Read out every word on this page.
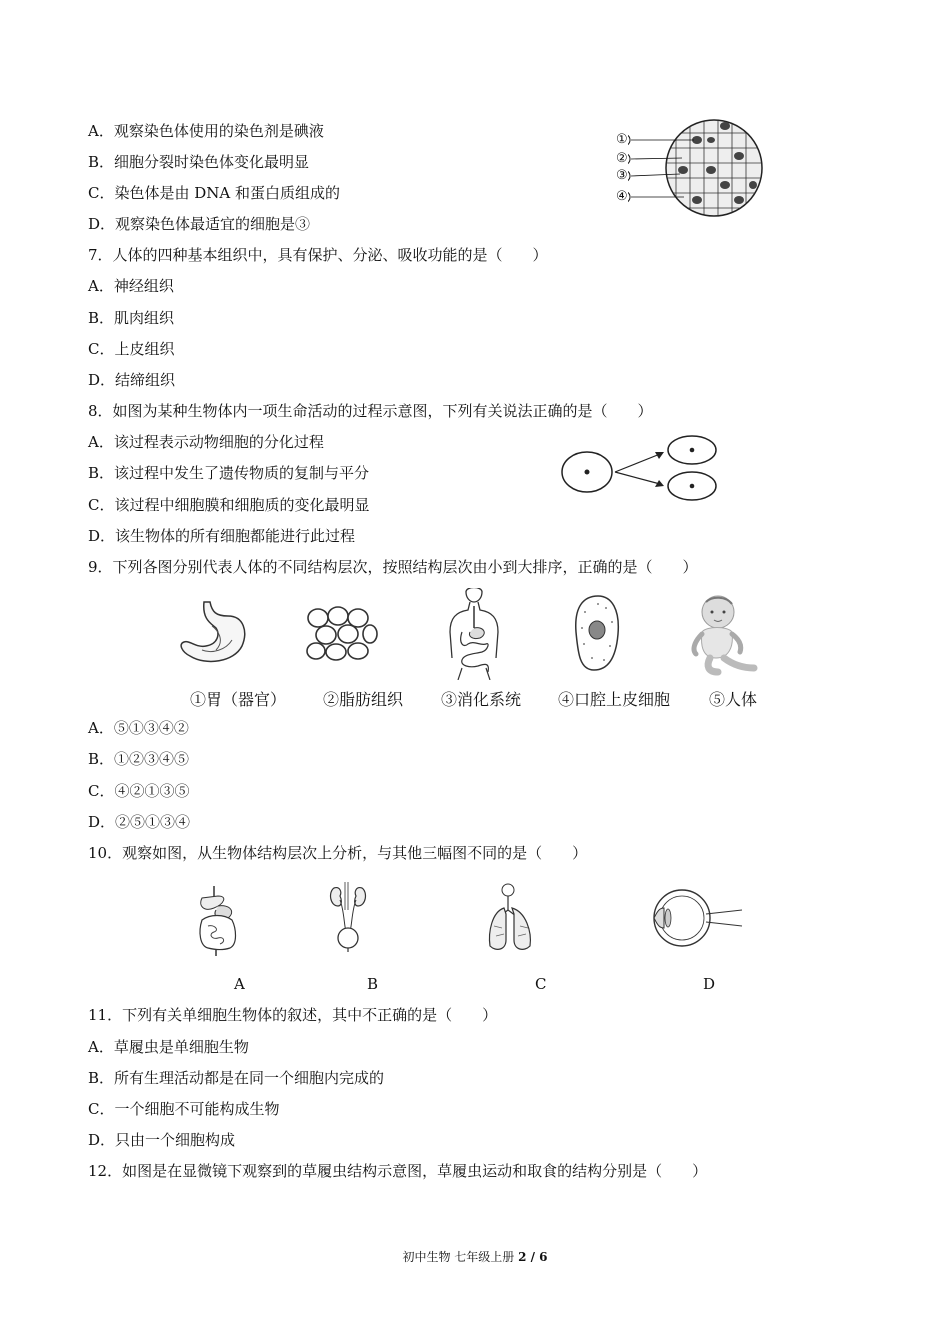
A．观察染色体使用的染色剂是碘液
B．细胞分裂时染色体变化最明显
C．染色体是由 DNA 和蛋白质组成的
D．观察染色体最适宜的细胞是③
①
②
③
④
7．人体的四种基本组织中，具有保护、分泌、吸收功能的是（　　）
A．神经组织
B．肌肉组织
C．上皮组织
D．结缔组织
8．如图为某种生物体内一项生命活动的过程示意图，下列有关说法正确的是（　　）
A．该过程表示动物细胞的分化过程
B．该过程中发生了遗传物质的复制与平分
C．该过程中细胞膜和细胞质的变化最明显
D．该生物体的所有细胞都能进行此过程
9．下列各图分别代表人体的不同结构层次，按照结构层次由小到大排序，正确的是（　　）
①胃（器官） ②脂肪组织 ③消化系统 ④口腔上皮细胞 ⑤人体
A．⑤①③④②
B．①②③④⑤
C．④②①③⑤
D．②⑤①③④
10．观察如图，从生物体结构层次上分析，与其他三幅图不同的是（　　）
A	B	C	D
11．下列有关单细胞生物体的叙述，其中不正确的是（　　）
A．草履虫是单细胞生物
B．所有生理活动都是在同一个细胞内完成的
C．一个细胞不可能构成生物
D．只由一个细胞构成
12．如图是在显微镜下观察到的草履虫结构示意图，草履虫运动和取食的结构分别是（　　）
初中生物 七年级上册 2 / 6
